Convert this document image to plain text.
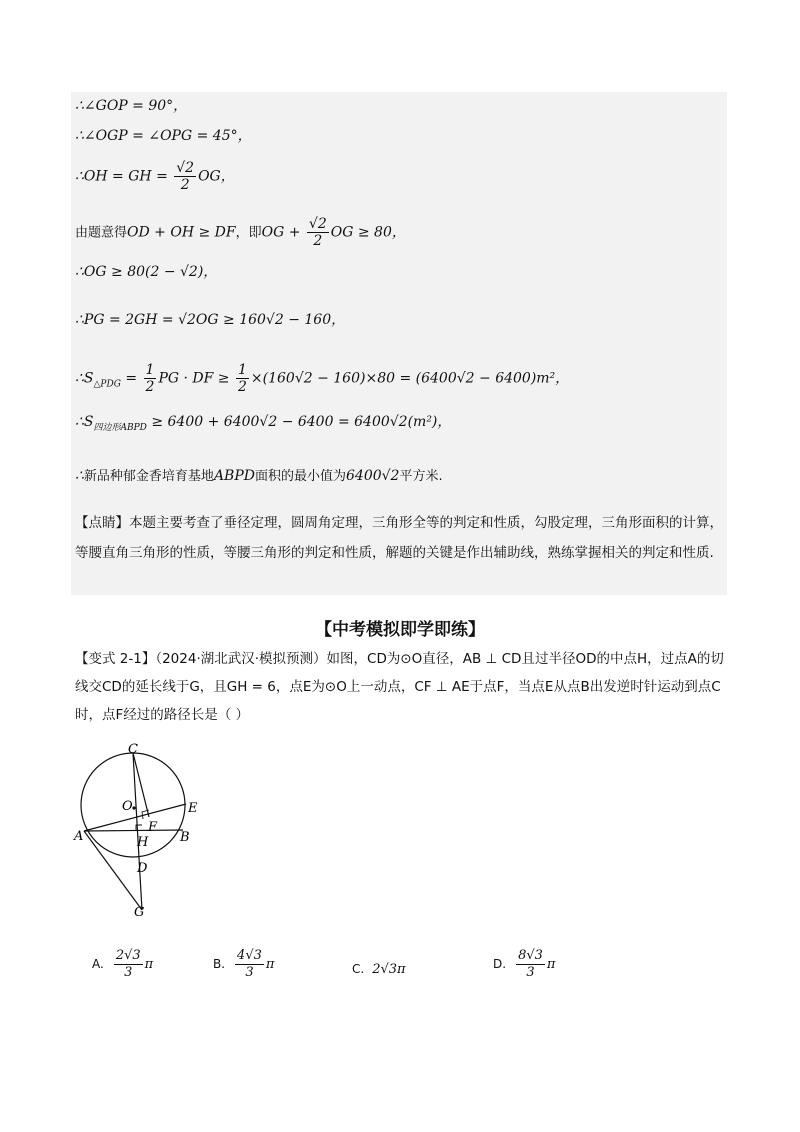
∴∠GOP = 90°，
∴∠OGP = ∠OPG = 45°，
∴OH = GH = $\frac{√2}{2}$ OG，
由题意得OD + OH ≥ DF，即OG + $\frac{√2}{2}$ OG ≥ 80，
∴OG ≥ 80(2 − √2)，
∴PG = 2GH = √2OG ≥ 160√2 − 160，
$\therefore S_{\triangle PDG} = \frac{1}{2}$ PG · DF ≥ $\frac{1}{2} \times(160√2 - 160)\times 80 = (6400√2 - 6400)m^2$，
$\therefore S_{四边形ABPD} \ge 6400 + 6400√2 - 6400 = 6400√2(m^2)$，
∴新品种郁金香培育基地ABPD面积的最小值为6400√2平方米.
【点睛】本题主要考查了垂径定理，圆周角定理，三角形全等的判定和性质，勾股定理，三角形面积的计算，等腰直角三角形的性质，等腰三角形的判定和性质，解题的关键是作出辅助线，熟练掌握相关的判定和性质.
【中考模拟即学即练】
【变式 2-1】（2024·湖北武汉·模拟预测）如图，CD为⊙O直径，AB ⊥ CD且过半径OD的中点H，过点A的切线交CD的延长线于G，且GH = 6，点E为⊙O上一动点，CF ⊥ AE于点F，当点E从点B出发逆时针运动到点C时，点F经过的路径长是（ ）
C
O	E
F
A	H B
D
G
A. $\frac{2√3}{3}$ π	B. $\frac{4√3}{3}$ π	C. 2√3π	D. $\frac{8√3}{3}$ π
